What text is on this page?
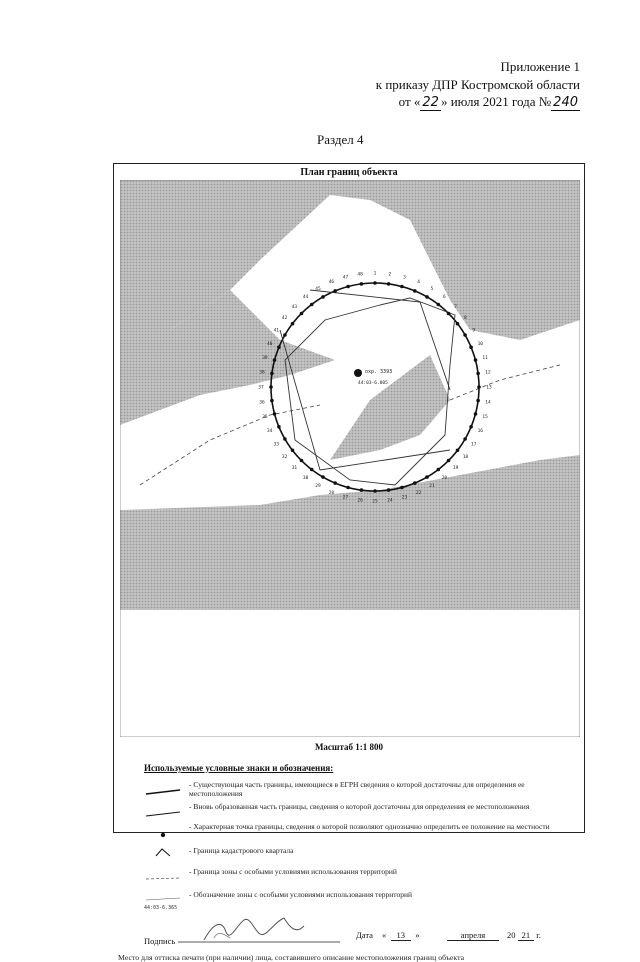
Приложение 1
к приказу ДПР Костромской области
от « 22 » июля 2021 года № 240
Раздел 4
План границ объекта
1	2
3
4
5
6
7
8
9
10
11
12
13
14
15
16
17
18
19
20
21
22
23
24
25
26
27
28
29
30
31
32
33
34
35
36
37
38
39
40
41
42
43
44
45
46
47
48
охр. 3393
44:03-6.805
Масштаб 1:1 800
Используемые условные знаки и обозначения:
- Существующая часть границы, имеющиеся в ЕГРН сведения о которой достаточны для определения ее местоположения
- Вновь образованная часть границы, сведения о которой достаточны для определения ее местоположения
- Характерная точка границы, сведения о которой позволяют однозначно определить ее положение на местности
- Граница кадастрового квартала
- Граница зоны с особыми условиями использования территорий
- Обозначение зоны с особыми условиями использования территорий
44:03-6.365
Подпись
Дата «  13  »	апреля	20 21 г.
Место для оттиска печати (при наличии) лица, составившего описание местоположения границ объекта
